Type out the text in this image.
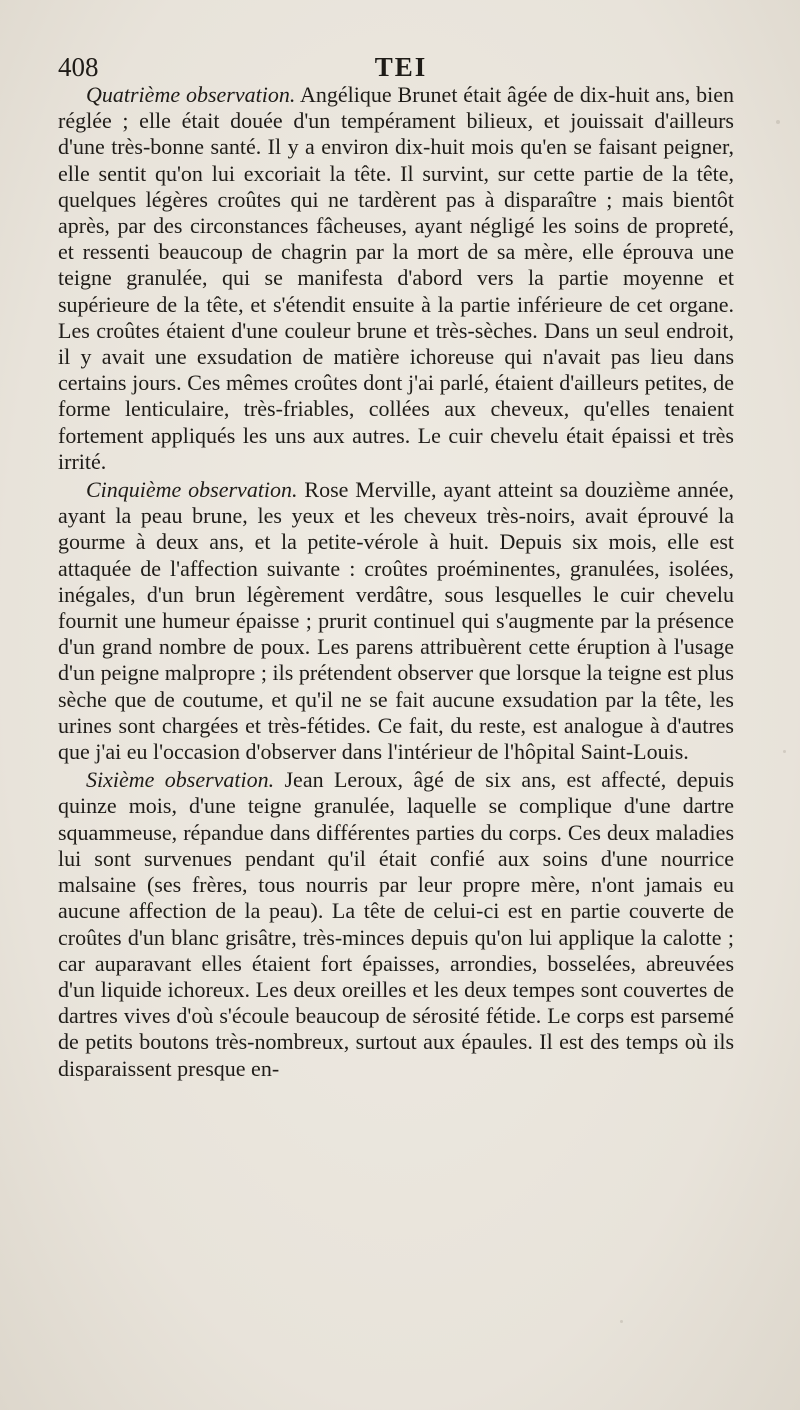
408	TEI

Quatrième observation. Angélique Brunet était âgée de dix-huit ans, bien réglée ; elle était douée d'un tempérament bilieux, et jouissait d'ailleurs d'une très-bonne santé. Il y a environ dix-huit mois qu'en se faisant peigner, elle sentit qu'on lui excoriait la tête. Il survint, sur cette partie de la tête, quelques légères croûtes qui ne tardèrent pas à disparaître ; mais bientôt après, par des circonstances fâcheuses, ayant négligé les soins de propreté, et ressenti beaucoup de chagrin par la mort de sa mère, elle éprouva une teigne granulée, qui se manifesta d'abord vers la partie moyenne et supérieure de la tête, et s'étendit ensuite à la partie inférieure de cet organe. Les croûtes étaient d'une couleur brune et très-sèches. Dans un seul endroit, il y avait une exsudation de matière ichoreuse qui n'avait pas lieu dans certains jours. Ces mêmes croûtes dont j'ai parlé, étaient d'ailleurs petites, de forme lenticulaire, très-friables, collées aux cheveux, qu'elles tenaient fortement appliqués les uns aux autres. Le cuir chevelu était épaissi et très irrité.

Cinquième observation. Rose Merville, ayant atteint sa douzième année, ayant la peau brune, les yeux et les cheveux très-noirs, avait éprouvé la gourme à deux ans, et la petite-vérole à huit. Depuis six mois, elle est attaquée de l'affection suivante : croûtes proéminentes, granulées, isolées, inégales, d'un brun légèrement verdâtre, sous lesquelles le cuir chevelu fournit une humeur épaisse ; prurit continuel qui s'augmente par la présence d'un grand nombre de poux. Les parens attribuèrent cette éruption à l'usage d'un peigne malpropre ; ils prétendent observer que lorsque la teigne est plus sèche que de coutume, et qu'il ne se fait aucune exsudation par la tête, les urines sont chargées et très-fétides. Ce fait, du reste, est analogue à d'autres que j'ai eu l'occasion d'observer dans l'intérieur de l'hôpital Saint-Louis.

Sixième observation. Jean Leroux, âgé de six ans, est affecté, depuis quinze mois, d'une teigne granulée, laquelle se complique d'une dartre squammeuse, répandue dans différentes parties du corps. Ces deux maladies lui sont survenues pendant qu'il était confié aux soins d'une nourrice malsaine (ses frères, tous nourris par leur propre mère, n'ont jamais eu aucune affection de la peau). La tête de celui-ci est en partie couverte de croûtes d'un blanc grisâtre, très-minces depuis qu'on lui applique la calotte ; car auparavant elles étaient fort épaisses, arrondies, bosselées, abreuvées d'un liquide ichoreux. Les deux oreilles et les deux tempes sont couvertes de dartres vives d'où s'écoule beaucoup de sérosité fétide. Le corps est parsemé de petits boutons très-nombreux, surtout aux épaules. Il est des temps où ils disparaissent presque en-
